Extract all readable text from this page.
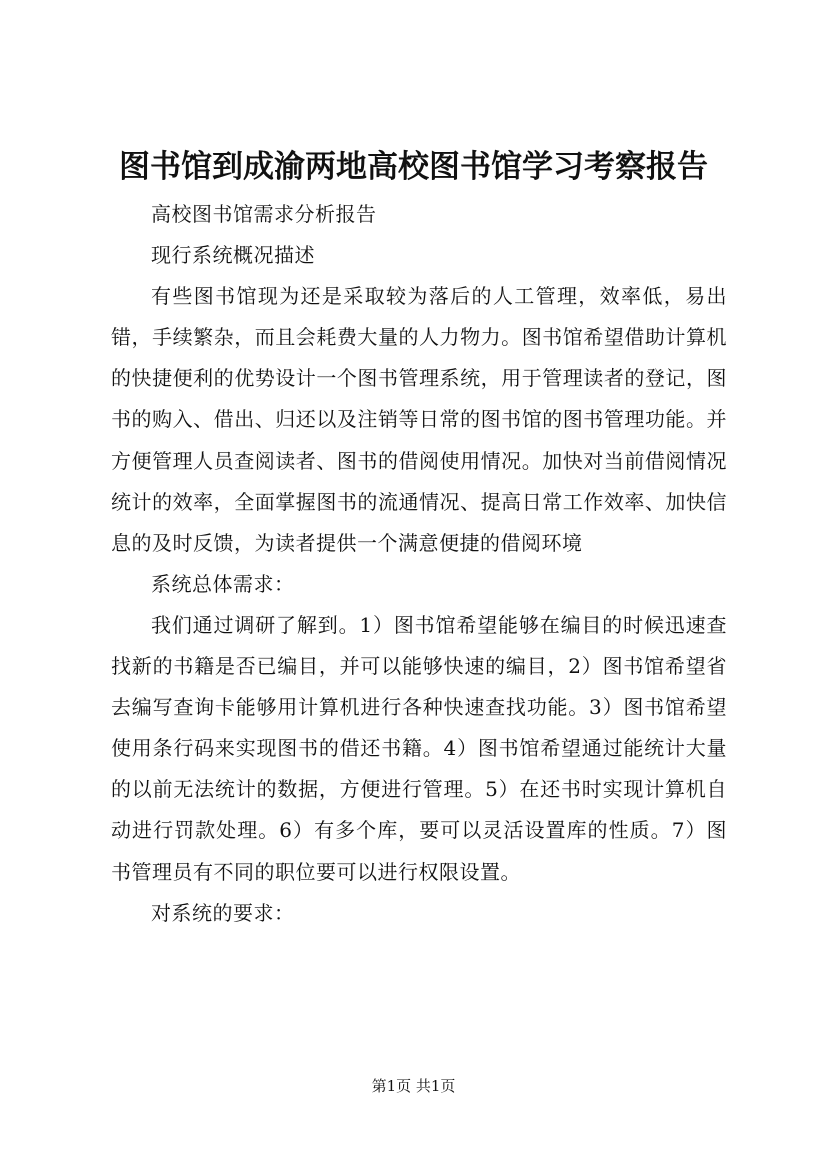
图书馆到成渝两地高校图书馆学习考察报告

高校图书馆需求分析报告

现行系统概况描述

有些图书馆现为还是采取较为落后的人工管理，效率低，易出错，手续繁杂，而且会耗费大量的人力物力。图书馆希望借助计算机的快捷便利的优势设计一个图书管理系统，用于管理读者的登记，图书的购入、借出、归还以及注销等日常的图书馆的图书管理功能。并方便管理人员查阅读者、图书的借阅使用情况。加快对当前借阅情况统计的效率，全面掌握图书的流通情况、提高日常工作效率、加快信息的及时反馈，为读者提供一个满意便捷的借阅环境

系统总体需求：

我们通过调研了解到。1）图书馆希望能够在编目的时候迅速查找新的书籍是否已编目，并可以能够快速的编目，2）图书馆希望省去编写查询卡能够用计算机进行各种快速查找功能。3）图书馆希望使用条行码来实现图书的借还书籍。4）图书馆希望通过能统计大量的以前无法统计的数据，方便进行管理。5）在还书时实现计算机自动进行罚款处理。6）有多个库，要可以灵活设置库的性质。7）图书管理员有不同的职位要可以进行权限设置。

对系统的要求：

第1页 共1页
